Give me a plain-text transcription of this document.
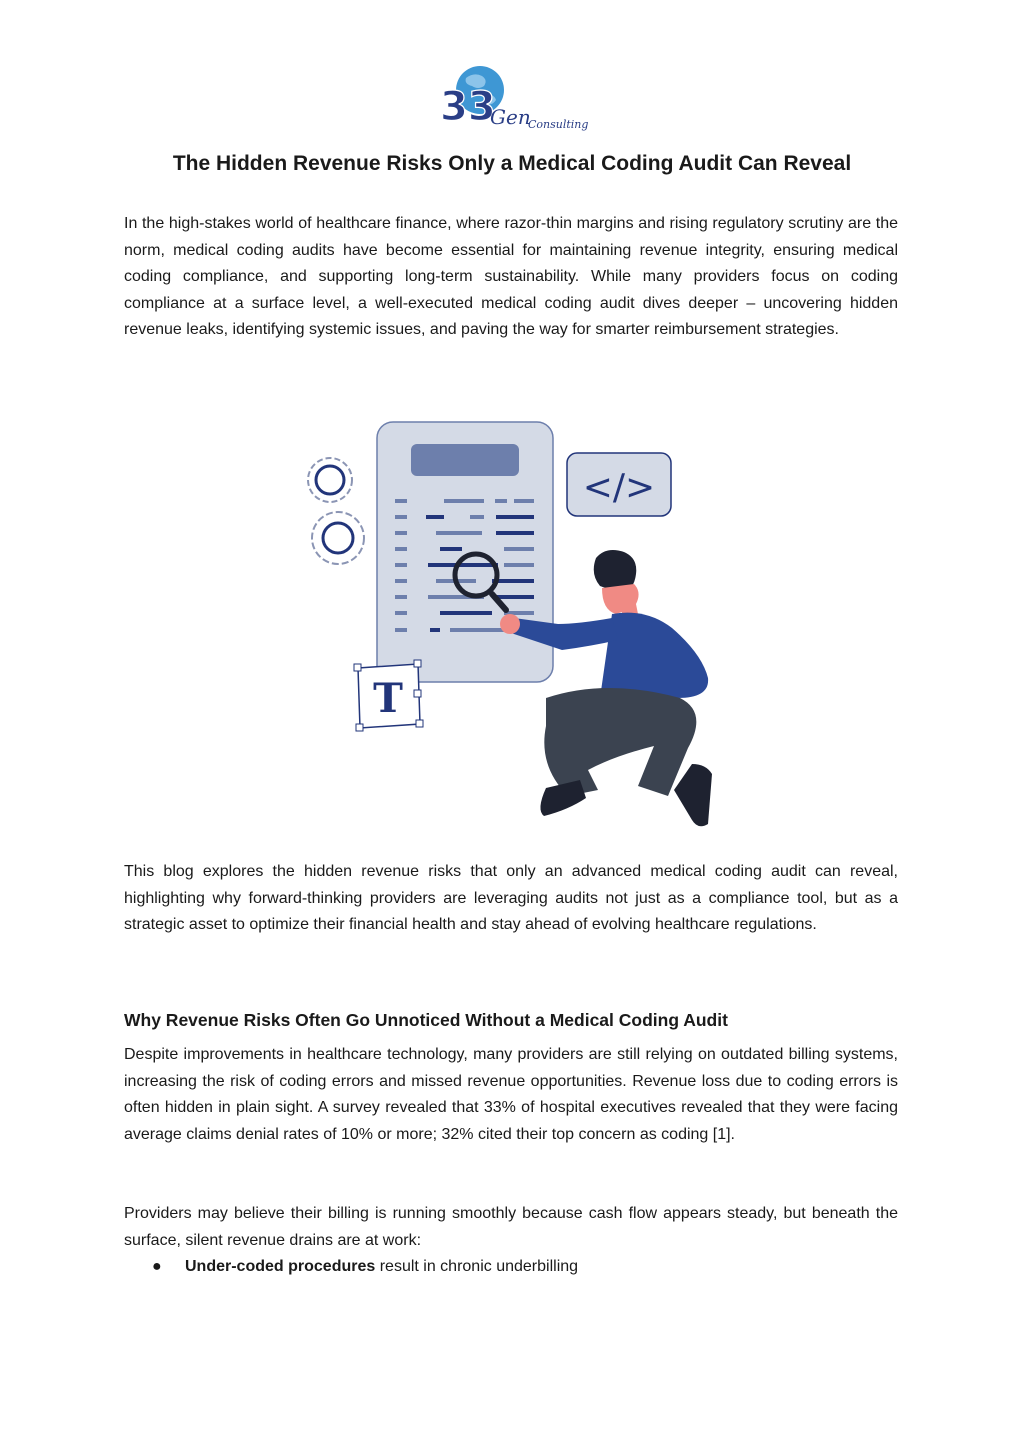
33
Gen
Consulting
The Hidden Revenue Risks Only a Medical Coding Audit Can Reveal

In the high-stakes world of healthcare finance, where razor-thin margins and rising regulatory scrutiny are the norm, medical coding audits have become essential for maintaining revenue integrity, ensuring medical coding compliance, and supporting long-term sustainability. While many providers focus on coding compliance at a surface level, a well-executed medical coding audit dives deeper – uncovering hidden revenue leaks, identifying systemic issues, and paving the way for smarter reimbursement strategies.

</>
T

This blog explores the hidden revenue risks that only an advanced medical coding audit can reveal, highlighting why forward-thinking providers are leveraging audits not just as a compliance tool, but as a strategic asset to optimize their financial health and stay ahead of evolving healthcare regulations.

Why Revenue Risks Often Go Unnoticed Without a Medical Coding Audit

Despite improvements in healthcare technology, many providers are still relying on outdated billing systems, increasing the risk of coding errors and missed revenue opportunities. Revenue loss due to coding errors is often hidden in plain sight. A survey revealed that 33% of hospital executives revealed that they were facing average claims denial rates of 10% or more; 32% cited their top concern as coding [1].

Providers may believe their billing is running smoothly because cash flow appears steady, but beneath the surface, silent revenue drains are at work:

● Under-coded procedures result in chronic underbilling
